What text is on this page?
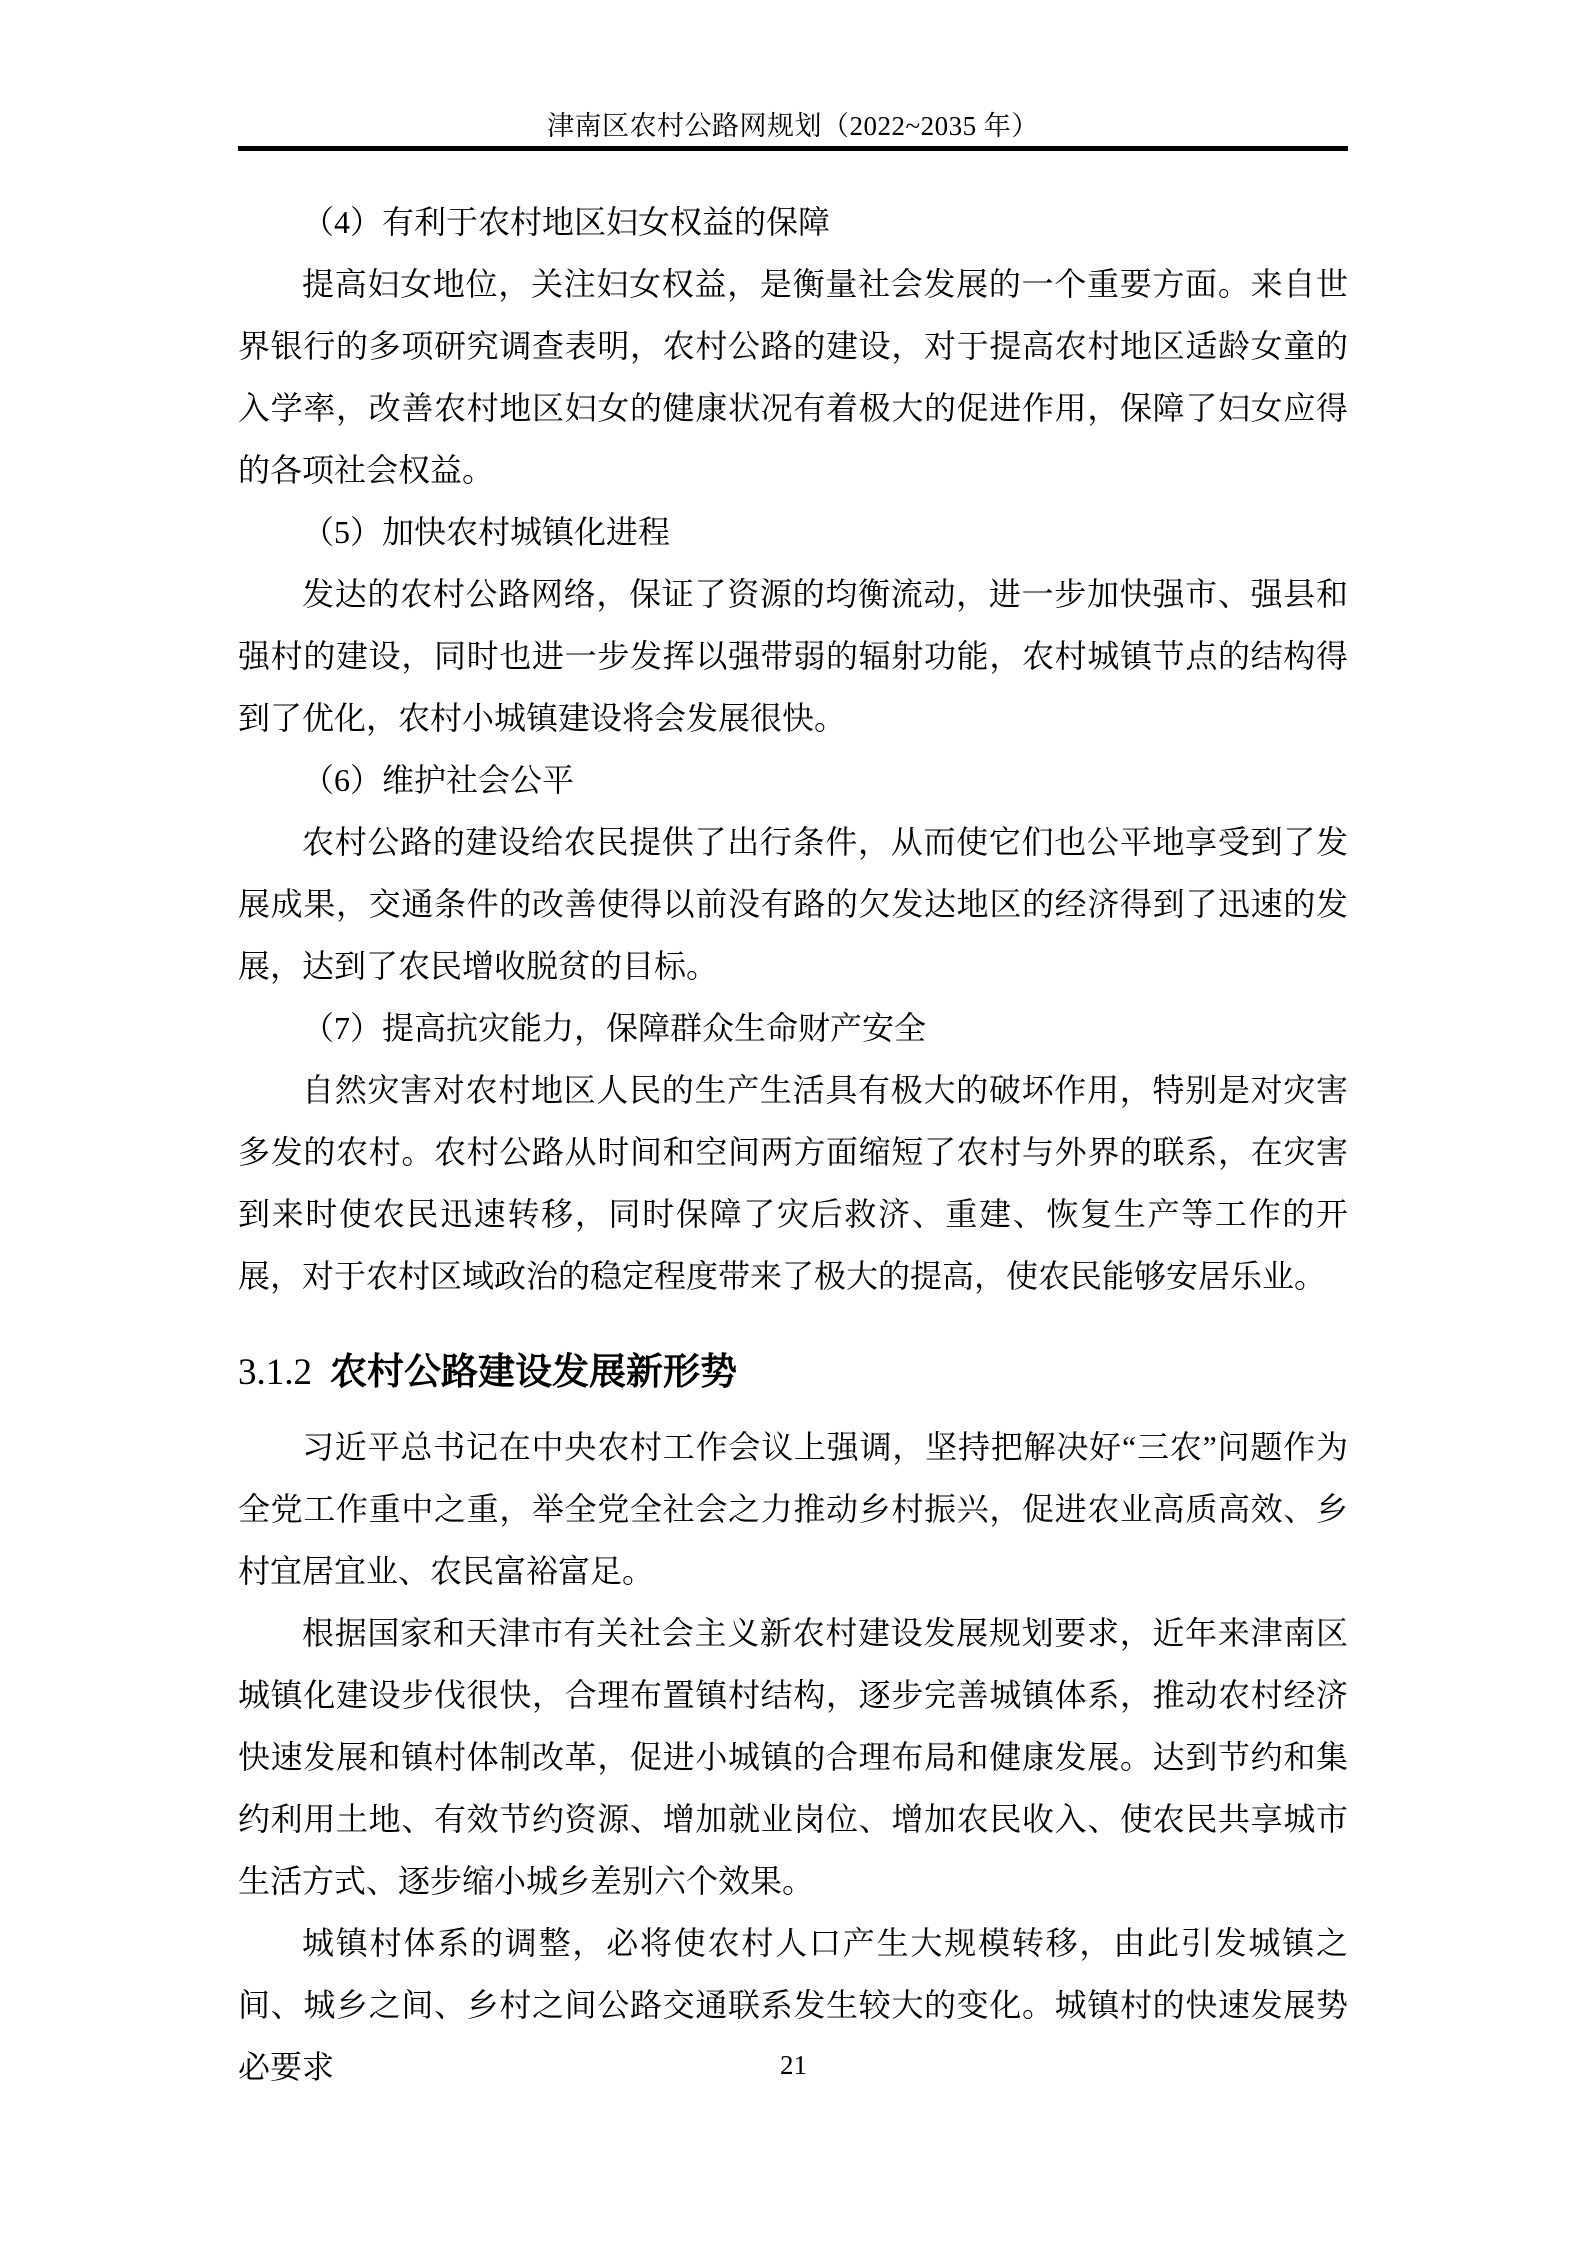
津南区农村公路网规划（2022~2035 年）

（4）有利于农村地区妇女权益的保障

提高妇女地位，关注妇女权益，是衡量社会发展的一个重要方面。来自世界银行的多项研究调查表明，农村公路的建设，对于提高农村地区适龄女童的入学率，改善农村地区妇女的健康状况有着极大的促进作用，保障了妇女应得的各项社会权益。

（5）加快农村城镇化进程

发达的农村公路网络，保证了资源的均衡流动，进一步加快强市、强县和强村的建设，同时也进一步发挥以强带弱的辐射功能，农村城镇节点的结构得到了优化，农村小城镇建设将会发展很快。

（6）维护社会公平

农村公路的建设给农民提供了出行条件，从而使它们也公平地享受到了发展成果，交通条件的改善使得以前没有路的欠发达地区的经济得到了迅速的发展，达到了农民增收脱贫的目标。

（7）提高抗灾能力，保障群众生命财产安全

自然灾害对农村地区人民的生产生活具有极大的破坏作用，特别是对灾害多发的农村。农村公路从时间和空间两方面缩短了农村与外界的联系，在灾害到来时使农民迅速转移，同时保障了灾后救济、重建、恢复生产等工作的开展，对于农村区域政治的稳定程度带来了极大的提高，使农民能够安居乐业。

3.1.2 农村公路建设发展新形势

习近平总书记在中央农村工作会议上强调，坚持把解决好“三农”问题作为全党工作重中之重，举全党全社会之力推动乡村振兴，促进农业高质高效、乡村宜居宜业、农民富裕富足。

根据国家和天津市有关社会主义新农村建设发展规划要求，近年来津南区城镇化建设步伐很快，合理布置镇村结构，逐步完善城镇体系，推动农村经济快速发展和镇村体制改革，促进小城镇的合理布局和健康发展。达到节约和集约利用土地、有效节约资源、增加就业岗位、增加农民收入、使农民共享城市生活方式、逐步缩小城乡差别六个效果。

城镇村体系的调整，必将使农村人口产生大规模转移，由此引发城镇之间、城乡之间、乡村之间公路交通联系发生较大的变化。城镇村的快速发展势必要求	21
